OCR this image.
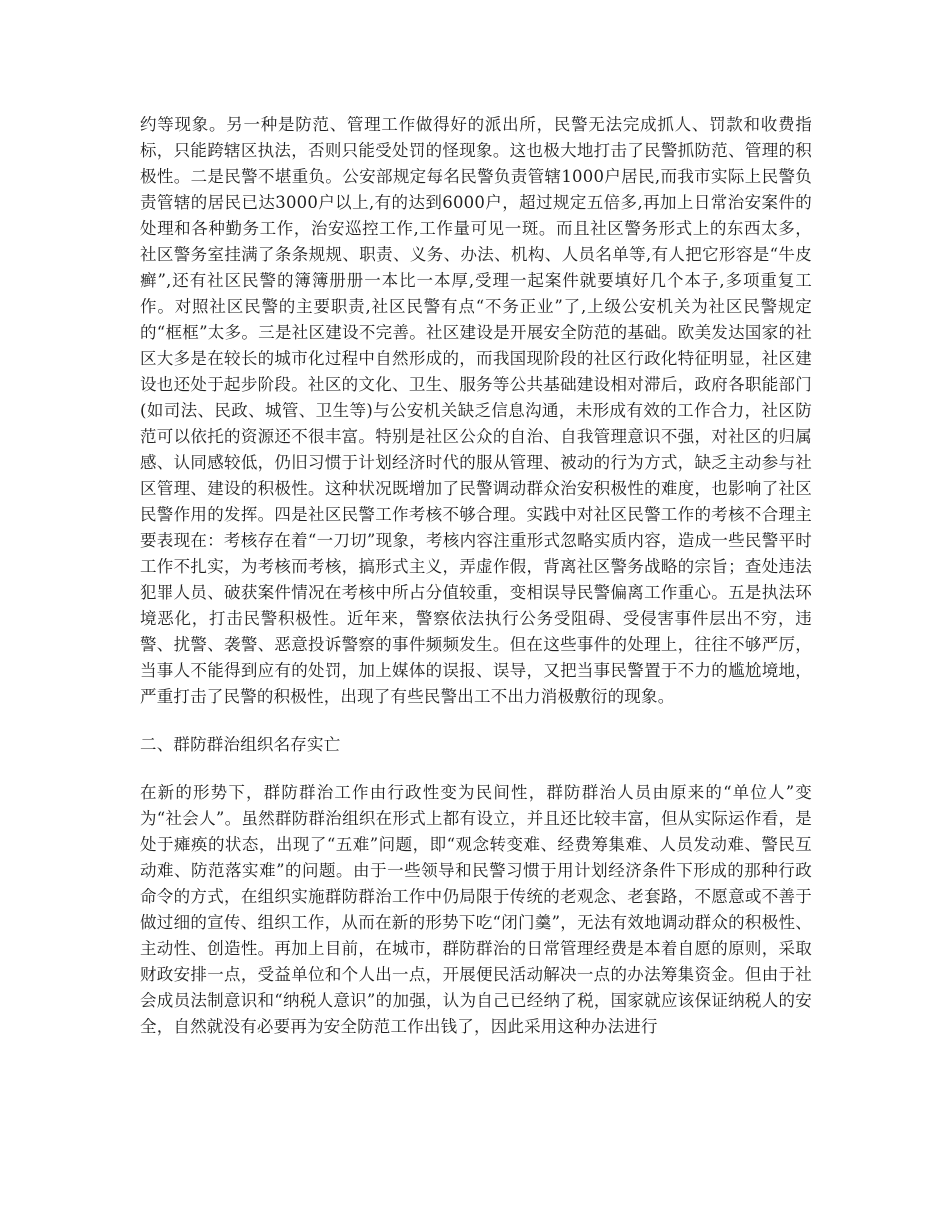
约等现象。另一种是防范、管理工作做得好的派出所，民警无法完成抓人、罚款和收费指标，只能跨辖区执法，否则只能受处罚的怪现象。这也极大地打击了民警抓防范、管理的积极性。二是民警不堪重负。公安部规定每名民警负责管辖1000户居民,而我市实际上民警负责管辖的居民已达3000户以上,有的达到6000户，超过规定五倍多,再加上日常治安案件的处理和各种勤务工作，治安巡控工作,工作量可见一斑。而且社区警务形式上的东西太多，社区警务室挂满了条条规规、职责、义务、办法、机构、人员名单等,有人把它形容是“牛皮癣”,还有社区民警的簿簿册册一本比一本厚,受理一起案件就要填好几个本子,多项重复工作。对照社区民警的主要职责,社区民警有点“不务正业”了,上级公安机关为社区民警规定的“框框”太多。三是社区建设不完善。社区建设是开展安全防范的基础。欧美发达国家的社区大多是在较长的城市化过程中自然形成的，而我国现阶段的社区行政化特征明显，社区建设也还处于起步阶段。社区的文化、卫生、服务等公共基础建设相对滞后，政府各职能部门(如司法、民政、城管、卫生等)与公安机关缺乏信息沟通，未形成有效的工作合力，社区防范可以依托的资源还不很丰富。特别是社区公众的自治、自我管理意识不强，对社区的归属感、认同感较低，仍旧习惯于计划经济时代的服从管理、被动的行为方式，缺乏主动参与社区管理、建设的积极性。这种状况既增加了民警调动群众治安积极性的难度，也影响了社区民警作用的发挥。四是社区民警工作考核不够合理。实践中对社区民警工作的考核不合理主要表现在：考核存在着“一刀切”现象，考核内容注重形式忽略实质内容，造成一些民警平时工作不扎实，为考核而考核，搞形式主义，弄虚作假，背离社区警务战略的宗旨；查处违法犯罪人员、破获案件情况在考核中所占分值较重，变相误导民警偏离工作重心。五是执法环境恶化，打击民警积极性。近年来，警察依法执行公务受阻碍、受侵害事件层出不穷，违警、扰警、袭警、恶意投诉警察的事件频频发生。但在这些事件的处理上，往往不够严厉，当事人不能得到应有的处罚，加上媒体的误报、误导，又把当事民警置于不力的尴尬境地，严重打击了民警的积极性，出现了有些民警出工不出力消极敷衍的现象。

二、群防群治组织名存实亡

在新的形势下，群防群治工作由行政性变为民间性，群防群治人员由原来的“单位人”变为“社会人”。虽然群防群治组织在形式上都有设立，并且还比较丰富，但从实际运作看，是处于瘫痪的状态，出现了“五难”问题，即“观念转变难、经费筹集难、人员发动难、警民互动难、防范落实难”的问题。由于一些领导和民警习惯于用计划经济条件下形成的那种行政命令的方式，在组织实施群防群治工作中仍局限于传统的老观念、老套路，不愿意或不善于做过细的宣传、组织工作，从而在新的形势下吃“闭门羹”，无法有效地调动群众的积极性、主动性、创造性。再加上目前，在城市，群防群治的日常管理经费是本着自愿的原则，采取财政安排一点，受益单位和个人出一点，开展便民活动解决一点的办法筹集资金。但由于社会成员法制意识和“纳税人意识”的加强，认为自己已经纳了税，国家就应该保证纳税人的安全，自然就没有必要再为安全防范工作出钱了，因此采用这种办法进行
